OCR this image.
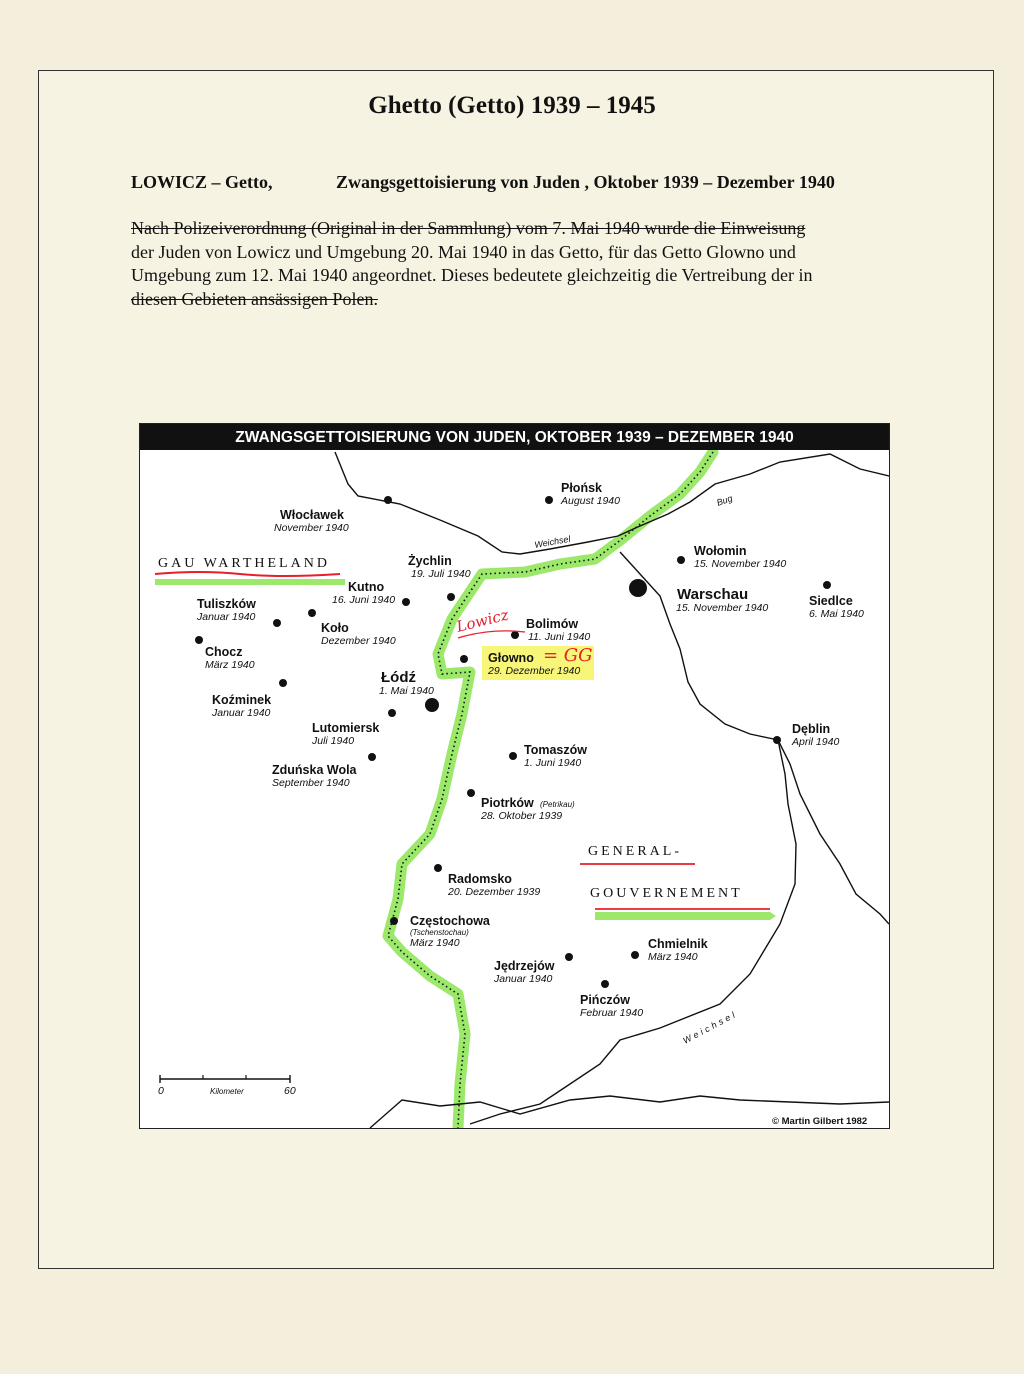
Ghetto (Getto) 1939 – 1945
LOWICZ – Getto,	Zwangsgettoisierung von Juden , Oktober 1939 – Dezember 1940

Nach Polizeiverordnung (Original in der Sammlung) vom 7. Mai 1940 wurde die Einweisung
der Juden von Lowicz und Umgebung 20. Mai 1940 in das Getto, für das Getto Glowno und
Umgebung zum 12. Mai 1940 angeordnet. Dieses bedeutete gleichzeitig die Vertreibung der in
diesen Gebieten ansässigen Polen.

GAU WARTHELAND
GENERAL-
GOUVERNEMENT
Bug
Weichsel
Weichsel
Płońsk
August 1940
Włocławek
November 1940
Wołomin
15. November 1940
Żychlin
19. Juli 1940
Kutno
16. Juni 1940	Warschau
15. November 1940	Siedlce
6. Mai 1940
Tuliszków
Januar 1940
Koło
Dezember 1940
Bolimów
11. Juni 1940
Chocz
März 1940	Głowno
29. Dezember 1940
Łódź
1. Mai 1940
Koźminek
Januar 1940
Lutomiersk
Juli 1940
Dęblin
April 1940
Tomaszów
1. Juni 1940
Zduńska Wola
September 1940
Piotrków (Petrikau)
28. Oktober 1939
Radomsko
20. Dezember 1939
Częstochowa
(Tschenstochau)
März 1940	Chmielnik
März 1940
Jędrzejów
Januar 1940
Pińczów
Februar 1940
Lowicz
= GG
0	Kilometer	60
© Martin Gilbert 1982
ZWANGSGETTOISIERUNG VON JUDEN, OKTOBER 1939 – DEZEMBER 1940
